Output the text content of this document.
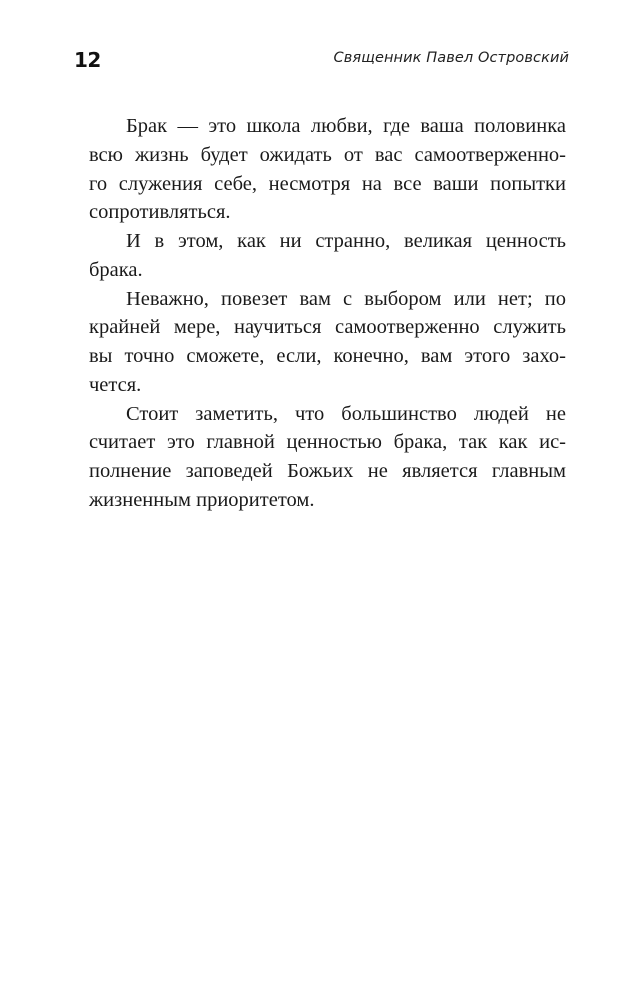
12	Священник Павел Островский
Брак — это школа любви, где ваша половинка
всю жизнь будет ожидать от вас самоотверженно-
го служения себе, несмотря на все ваши попытки
сопротивляться.
И в этом, как ни странно, великая ценность
брака.
Неважно, повезет вам с выбором или нет; по
крайней мере, научиться самоотверженно служить
вы точно сможете, если, конечно, вам этого захо-
чется.
Стоит заметить, что большинство людей не
считает это главной ценностью брака, так как ис-
полнение заповедей Божьих не является главным
жизненным приоритетом.
